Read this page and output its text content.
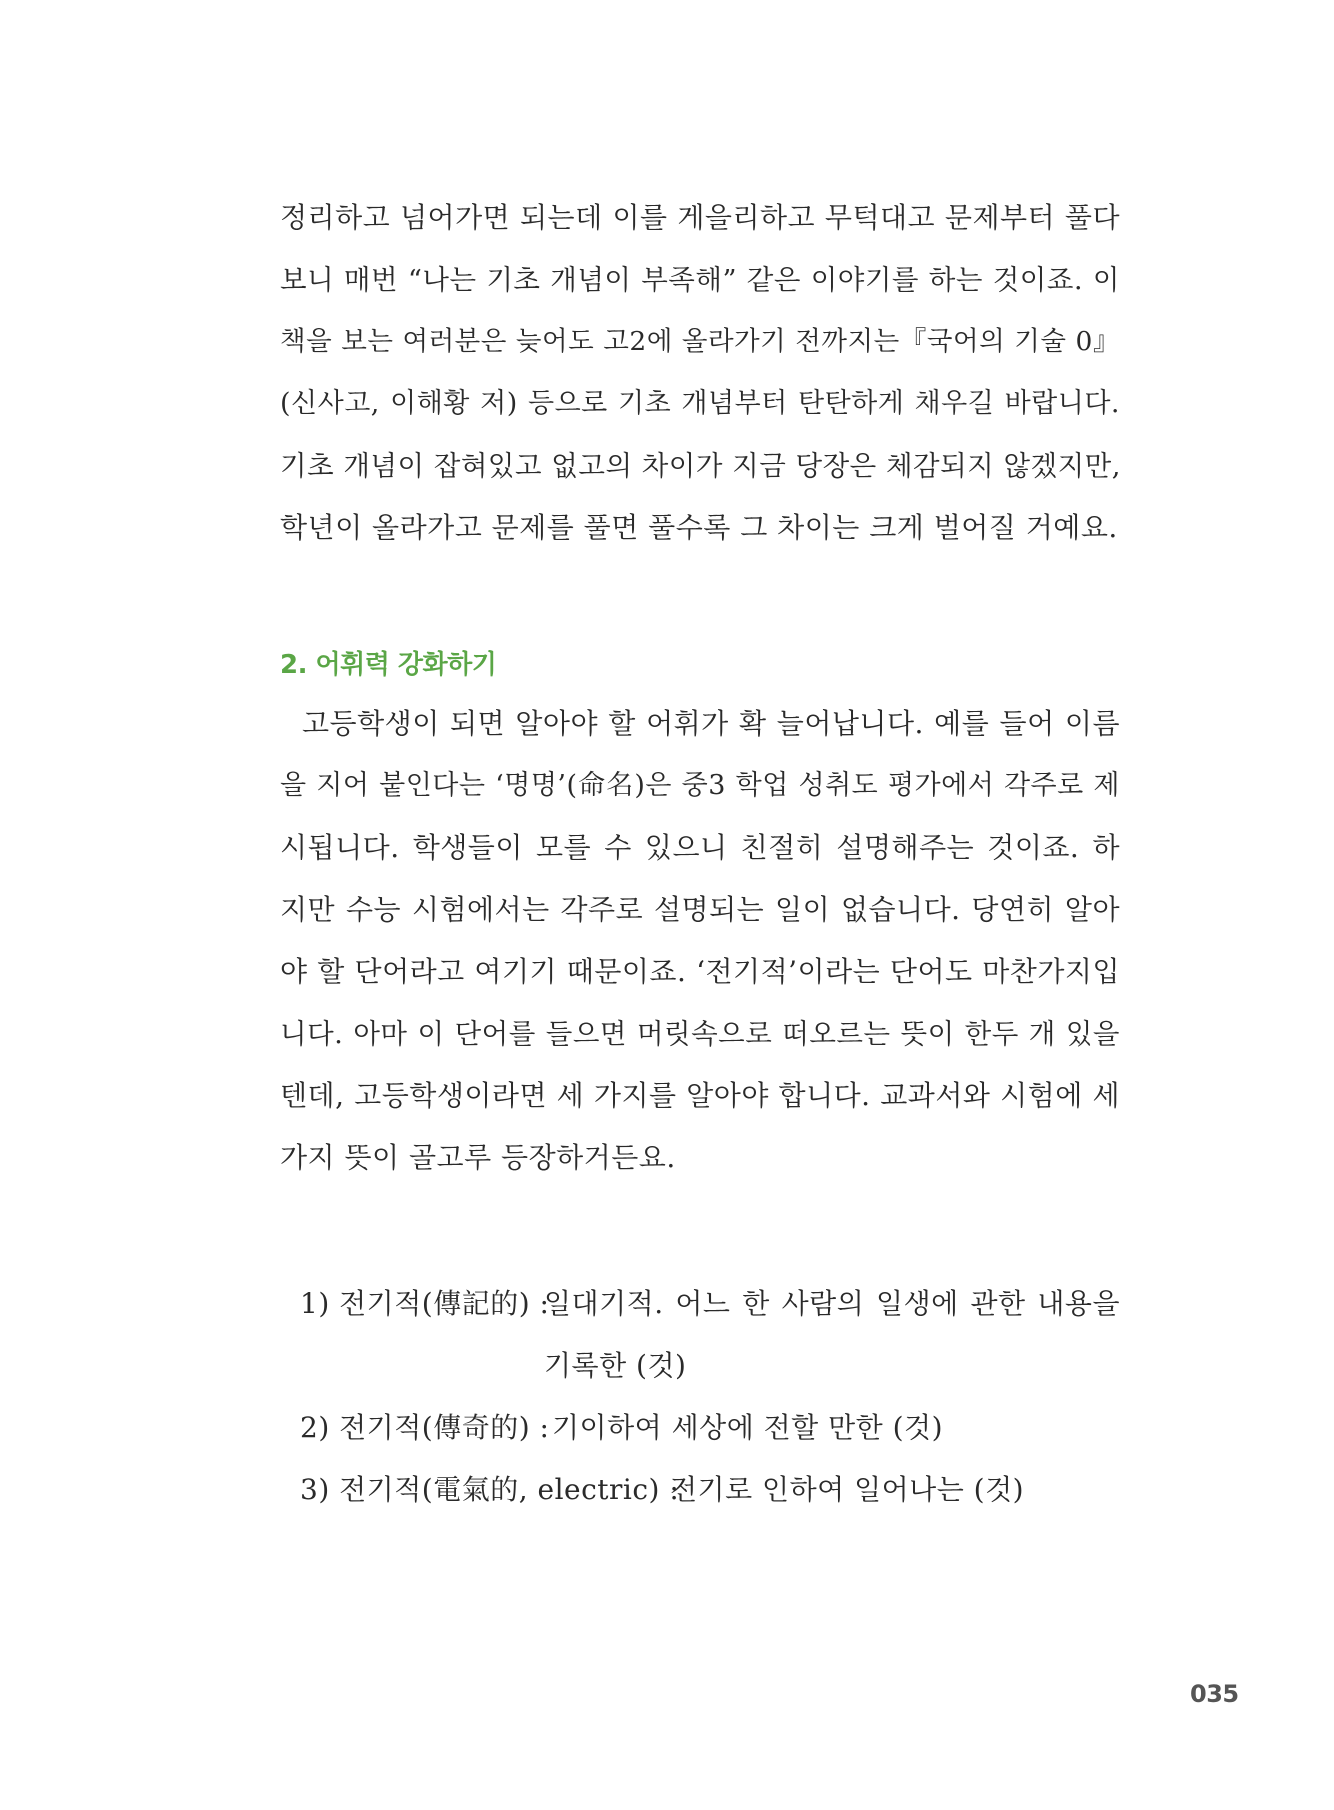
정리하고 넘어가면 되는데 이를 게을리하고 무턱대고 문제부터 풀다
보니 매번 “나는 기초 개념이 부족해” 같은 이야기를 하는 것이죠. 이
책을 보는 여러분은 늦어도 고2에 올라가기 전까지는『국어의 기술 0』
(신사고, 이해황 저) 등으로 기초 개념부터 탄탄하게 채우길 바랍니다.
기초 개념이 잡혀있고 없고의 차이가 지금 당장은 체감되지 않겠지만,
학년이 올라가고 문제를 풀면 풀수록 그 차이는 크게 벌어질 거예요.
2. 어휘력 강화하기
고등학생이 되면 알아야 할 어휘가 확 늘어납니다. 예를 들어 이름
을 지어 붙인다는 ‘명명’(命名)은 중3 학업 성취도 평가에서 각주로 제
시됩니다. 학생들이 모를 수 있으니 친절히 설명해주는 것이죠. 하
지만 수능 시험에서는 각주로 설명되는 일이 없습니다. 당연히 알아
야 할 단어라고 여기기 때문이죠. ‘전기적’이라는 단어도 마찬가지입
니다. 아마 이 단어를 들으면 머릿속으로 떠오르는 뜻이 한두 개 있을
텐데, 고등학생이라면 세 가지를 알아야 합니다. 교과서와 시험에 세
가지 뜻이 골고루 등장하거든요.
1) 전기적(傳記的) :
일대기적. 어느 한 사람의 일생에 관한 내용을
기록한 (것)
2) 전기적(傳奇的) : 기이하여 세상에 전할 만한 (것)
3) 전기적(電氣的, electric) :
전기로 인하여 일어나는 (것)
035
